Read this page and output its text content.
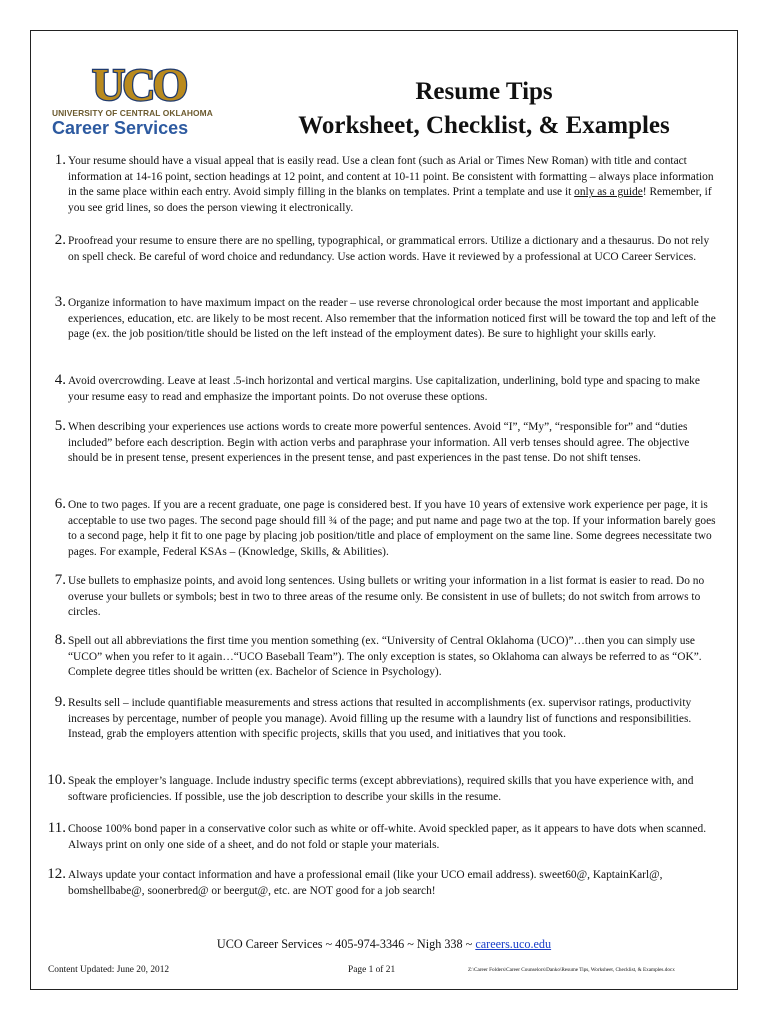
UCO
UNIVERSITY OF CENTRAL OKLAHOMA
Career Services
Resume Tips
Worksheet, Checklist, & Examples
1. Your resume should have a visual appeal that is easily read. Use a clean font (such as Arial or Times New Roman) with title and contact information at 14-16 point, section headings at 12 point, and content at 10-11 point. Be consistent with formatting – always place information in the same place within each entry. Avoid simply filling in the blanks on templates. Print a template and use it only as a guide! Remember, if you see grid lines, so does the person viewing it electronically.
2. Proofread your resume to ensure there are no spelling, typographical, or grammatical errors. Utilize a dictionary and a thesaurus. Do not rely on spell check. Be careful of word choice and redundancy. Use action words. Have it reviewed by a professional at UCO Career Services.
3. Organize information to have maximum impact on the reader – use reverse chronological order because the most important and applicable experiences, education, etc. are likely to be most recent. Also remember that the information noticed first will be toward the top and left of the page (ex. the job position/title should be listed on the left instead of the employment dates). Be sure to highlight your skills early.
4. Avoid overcrowding. Leave at least .5-inch horizontal and vertical margins. Use capitalization, underlining, bold type and spacing to make your resume easy to read and emphasize the important points. Do not overuse these options.
5. When describing your experiences use actions words to create more powerful sentences. Avoid “I”, “My”, “responsible for” and “duties included” before each description. Begin with action verbs and paraphrase your information. All verb tenses should agree. The objective should be in present tense, present experiences in the present tense, and past experiences in the past tense. Do not shift tenses.
6. One to two pages. If you are a recent graduate, one page is considered best. If you have 10 years of extensive work experience per page, it is acceptable to use two pages. The second page should fill ¾ of the page; and put name and page two at the top. If your information barely goes to a second page, help it fit to one page by placing job position/title and place of employment on the same line. Some degrees necessitate two pages. For example, Federal KSAs – (Knowledge, Skills, & Abilities).
7. Use bullets to emphasize points, and avoid long sentences. Using bullets or writing your information in a list format is easier to read. Do no overuse your bullets or symbols; best in two to three areas of the resume only. Be consistent in use of bullets; do not switch from arrows to circles.
8. Spell out all abbreviations the first time you mention something (ex. “University of Central Oklahoma (UCO)”…then you can simply use “UCO” when you refer to it again…“UCO Baseball Team”). The only exception is states, so Oklahoma can always be referred to as “OK”. Complete degree titles should be written (ex. Bachelor of Science in Psychology).
9. Results sell – include quantifiable measurements and stress actions that resulted in accomplishments (ex. supervisor ratings, productivity increases by percentage, number of people you manage). Avoid filling up the resume with a laundry list of functions and responsibilities. Instead, grab the employers attention with specific projects, skills that you used, and initiatives that you took.
10. Speak the employer’s language. Include industry specific terms (except abbreviations), required skills that you have experience with, and software proficiencies. If possible, use the job description to describe your skills in the resume.
11. Choose 100% bond paper in a conservative color such as white or off-white. Avoid speckled paper, as it appears to have dots when scanned. Always print on only one side of a sheet, and do not fold or staple your materials.
12. Always update your contact information and have a professional email (like your UCO email address). sweet60@, KaptainKarl@, bomshellbabe@, soonerbred@ or beergut@, etc. are NOT good for a job search!
UCO Career Services ~ 405-974-3346 ~ Nigh 338 ~ careers.uco.edu
Content Updated: June 20, 2012	Page 1 of 21	Z:\Career Folders\Career Counselors\Danko\Resume Tips, Worksheet, Checklist, & Examples.docx
